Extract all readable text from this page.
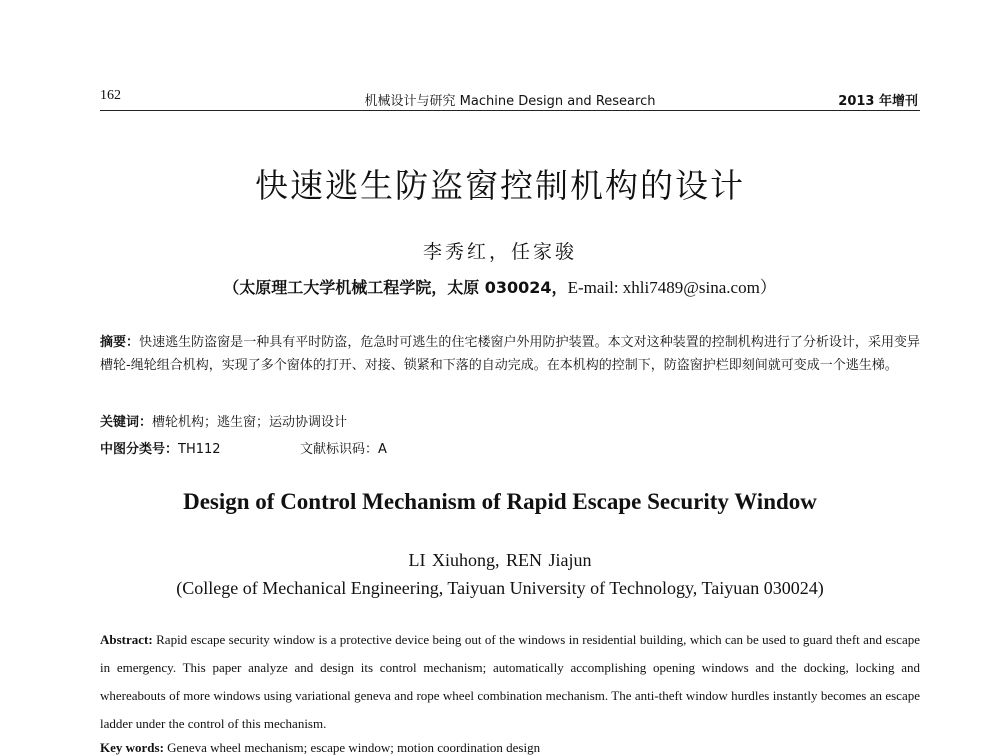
162	机械设计与研究 Machine Design and Research	2013 年增刊
快速逃生防盗窗控制机构的设计
李秀红，任家骏
（太原理工大学机械工程学院，太原 030024，E-mail: xhli7489@sina.com）

摘要：快速逃生防盗窗是一种具有平时防盗，危急时可逃生的住宅楼窗户外用防护装置。本文对这种装置的控制机构进行了分析设计，采用变异槽轮-绳轮组合机构，实现了多个窗体的打开、对接、锁紧和下落的自动完成。在本机构的控制下，防盗窗护栏即刻间就可变成一个逃生梯。

关键词：槽轮机构；逃生窗；运动协调设计
中图分类号：TH112	文献标识码：A
Design of Control Mechanism of Rapid Escape Security Window
LI Xiuhong, REN Jiajun
(College of Mechanical Engineering, Taiyuan University of Technology, Taiyuan 030024)

Abstract: Rapid escape security window is a protective device being out of the windows in residential building, which can be used to guard theft and escape in emergency. This paper analyze and design its control mechanism; automatically accomplishing opening windows and the docking, locking and whereabouts of more windows using variational geneva and rope wheel combination mechanism. The anti-theft window hurdles instantly becomes an escape ladder under the control of this mechanism.

Key words: Geneva wheel mechanism; escape window; motion coordination design
